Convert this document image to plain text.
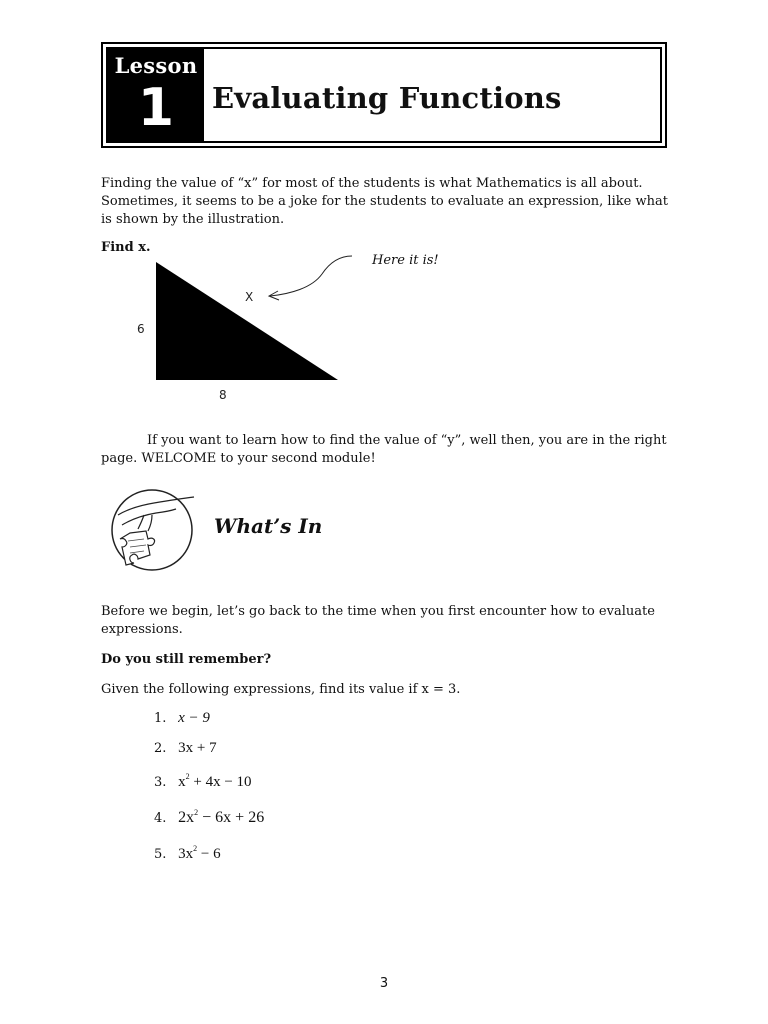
Lesson
1 Evaluating Functions

Finding the value of “x” for most of the students is what Mathematics is all about. Sometimes, it seems to be a joke for the students to evaluate an expression, like what is shown by the illustration.

Find x.
6
8
X
Here it is!

If you want to learn how to find the value of “y”, well then, you are in the right page. WELCOME to your second module!

What’s In

Before we begin, let’s go back to the time when you first encounter how to evaluate expressions.

Do you still remember?

Given the following expressions, find its value if x = 3.

1. x − 9
2. 3x + 7
3. $x^2 + 4x - 10$
4. $2x^2 - 6x + 26$
5. $3x^2 - 6$
3
